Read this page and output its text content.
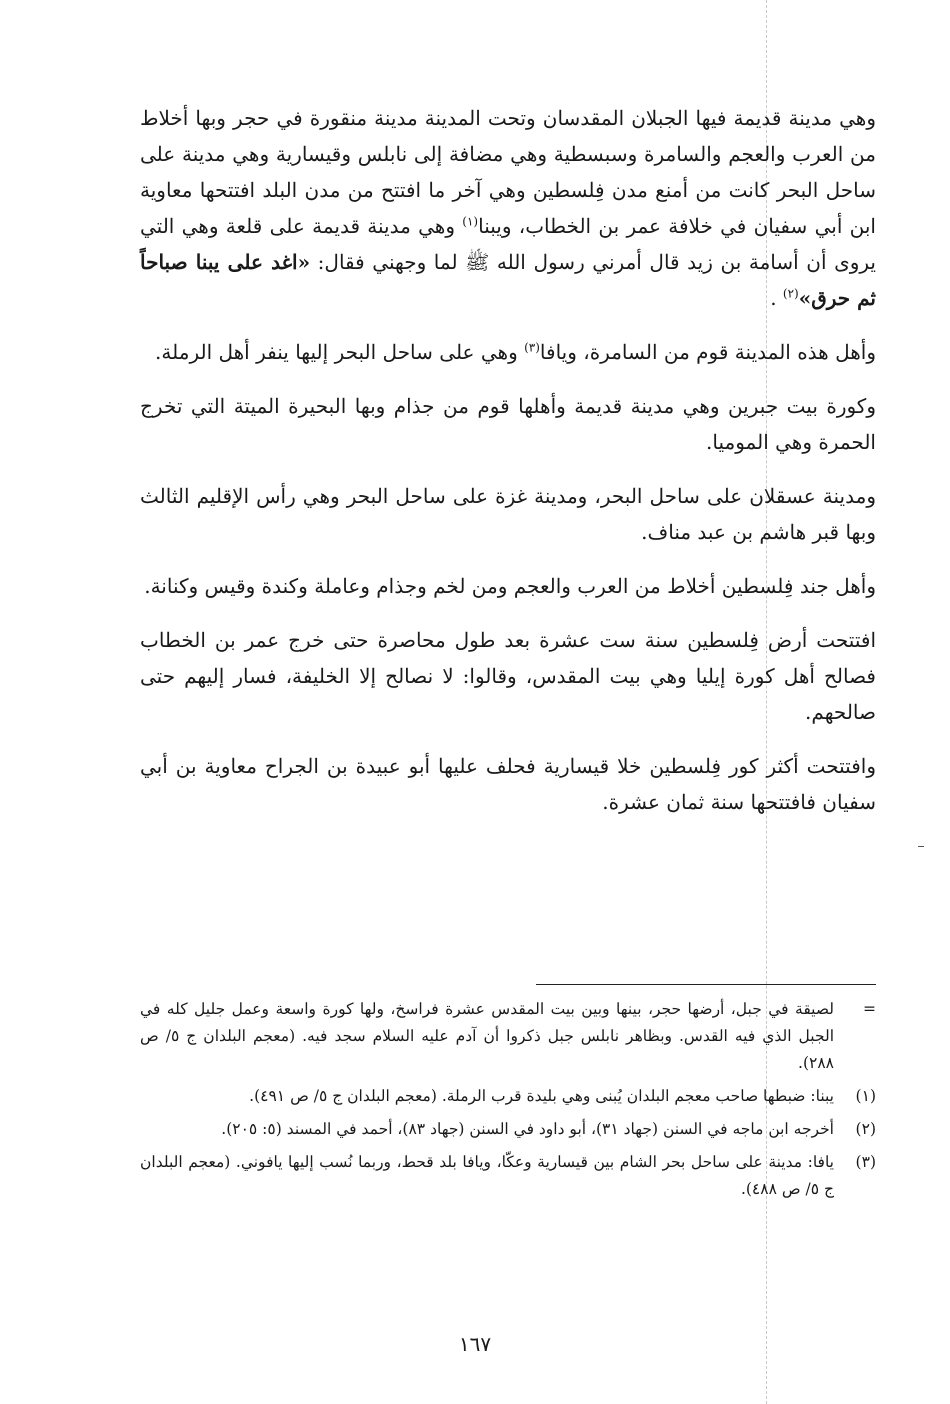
وهي مدينة قديمة فيها الجبلان المقدسان وتحت المدينة مدينة منقورة في حجر وبها أخلاط من العرب والعجم والسامرة وسبسطية وهي مضافة إلى نابلس وقيسارية وهي مدينة على ساحل البحر كانت من أمنع مدن فِلسطين وهي آخر ما افتتح من مدن البلد افتتحها معاوية ابن أبي سفيان في خلافة عمر بن الخطاب، ويبنا$^{(١)}$ وهي مدينة قديمة على قلعة وهي التي يروى أن أسامة بن زيد قال أمرني رسول الله ﷺ لما وجهني فقال: «اغد على يبنا صباحاً ثم حرق»$^{(٢)}$ .

وأهل هذه المدينة قوم من السامرة، ويافا$^{(٣)}$ وهي على ساحل البحر إليها ينفر أهل الرملة.

وكورة بيت جبرين وهي مدينة قديمة وأهلها قوم من جذام وبها البحيرة الميتة التي تخرج الحمرة وهي الموميا.

ومدينة عسقلان على ساحل البحر، ومدينة غزة على ساحل البحر وهي رأس الإقليم الثالث وبها قبر هاشم بن عبد مناف.

وأهل جند فِلسطين أخلاط من العرب والعجم ومن لخم وجذام وعاملة وكندة وقيس وكنانة.

افتتحت أرض فِلسطين سنة ست عشرة بعد طول محاصرة حتى خرج عمر بن الخطاب فصالح أهل كورة إيليا وهي بيت المقدس، وقالوا: لا نصالح إلا الخليفة، فسار إليهم حتى صالحهم.

وافتتحت أكثر كور فِلسطين خلا قيسارية فحلف عليها أبو عبيدة بن الجراح معاوية بن أبي سفيان فافتتحها سنة ثمان عشرة.

=
لصيقة في جبل، أرضها حجر، بينها وبين بيت المقدس عشرة فراسخ، ولها كورة واسعة وعمل جليل كله في الجبل الذي فيه القدس. وبظاهر نابلس جبل ذكروا أن آدم عليه السلام سجد فيه. (معجم البلدان ج ٥/ ص ٢٨٨).
(١)
يبنا: ضبطها صاحب معجم البلدان يُبنى وهي بليدة قرب الرملة. (معجم البلدان ج ٥/ ص ٤٩١).
(٢)
أخرجه ابن ماجه في السنن (جهاد ٣١)، أبو داود في السنن (جهاد ٨٣)، أحمد في المسند (٥: ٢٠٥).
(٣)
يافا: مدينة على ساحل بحر الشام بين قيسارية وعكّا، ويافا بلد قحط، وربما نُسب إليها يافوني. (معجم البلدان ج ٥/ ص ٤٨٨).
١٦٧
